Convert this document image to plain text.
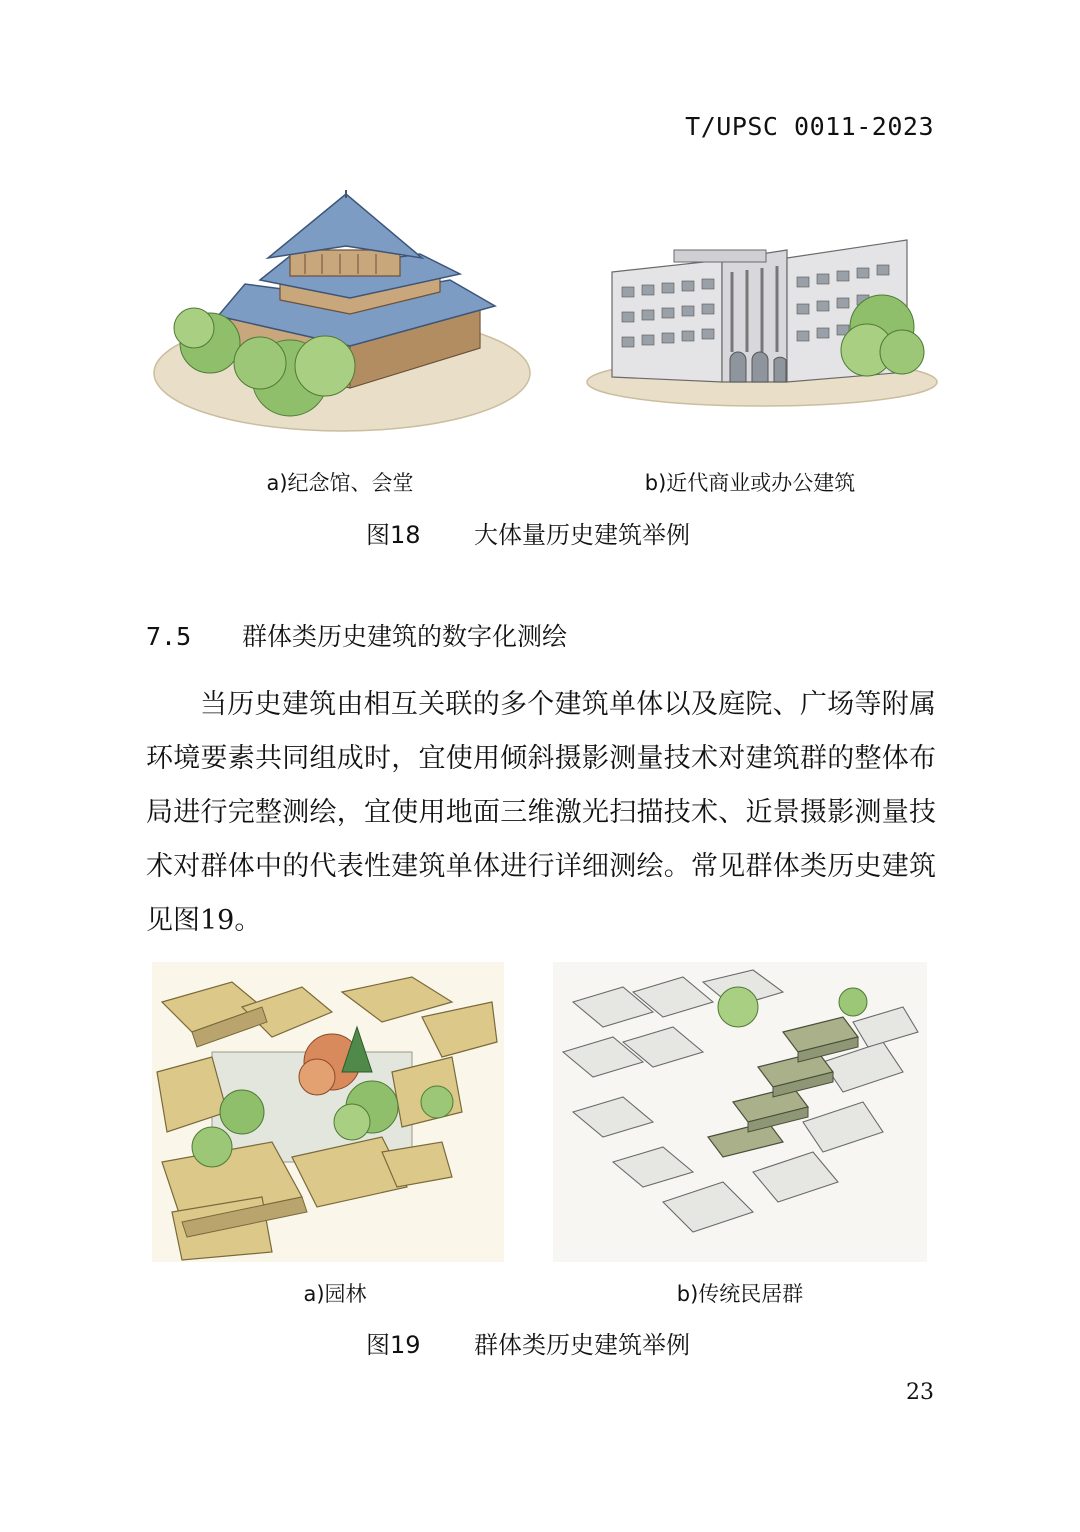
T/UPSC 0011-2023
a)纪念馆、会堂	b)近代商业或办公建筑
图18 大体量历史建筑举例
7.5 群体类历史建筑的数字化测绘
当历史建筑由相互关联的多个建筑单体以及庭院、广场等附属环境要素共同组成时，宜使用倾斜摄影测量技术对建筑群的整体布局进行完整测绘，宜使用地面三维激光扫描技术、近景摄影测量技术对群体中的代表性建筑单体进行详细测绘。常见群体类历史建筑见图19。
a)园林	b)传统民居群
图19 群体类历史建筑举例
23
